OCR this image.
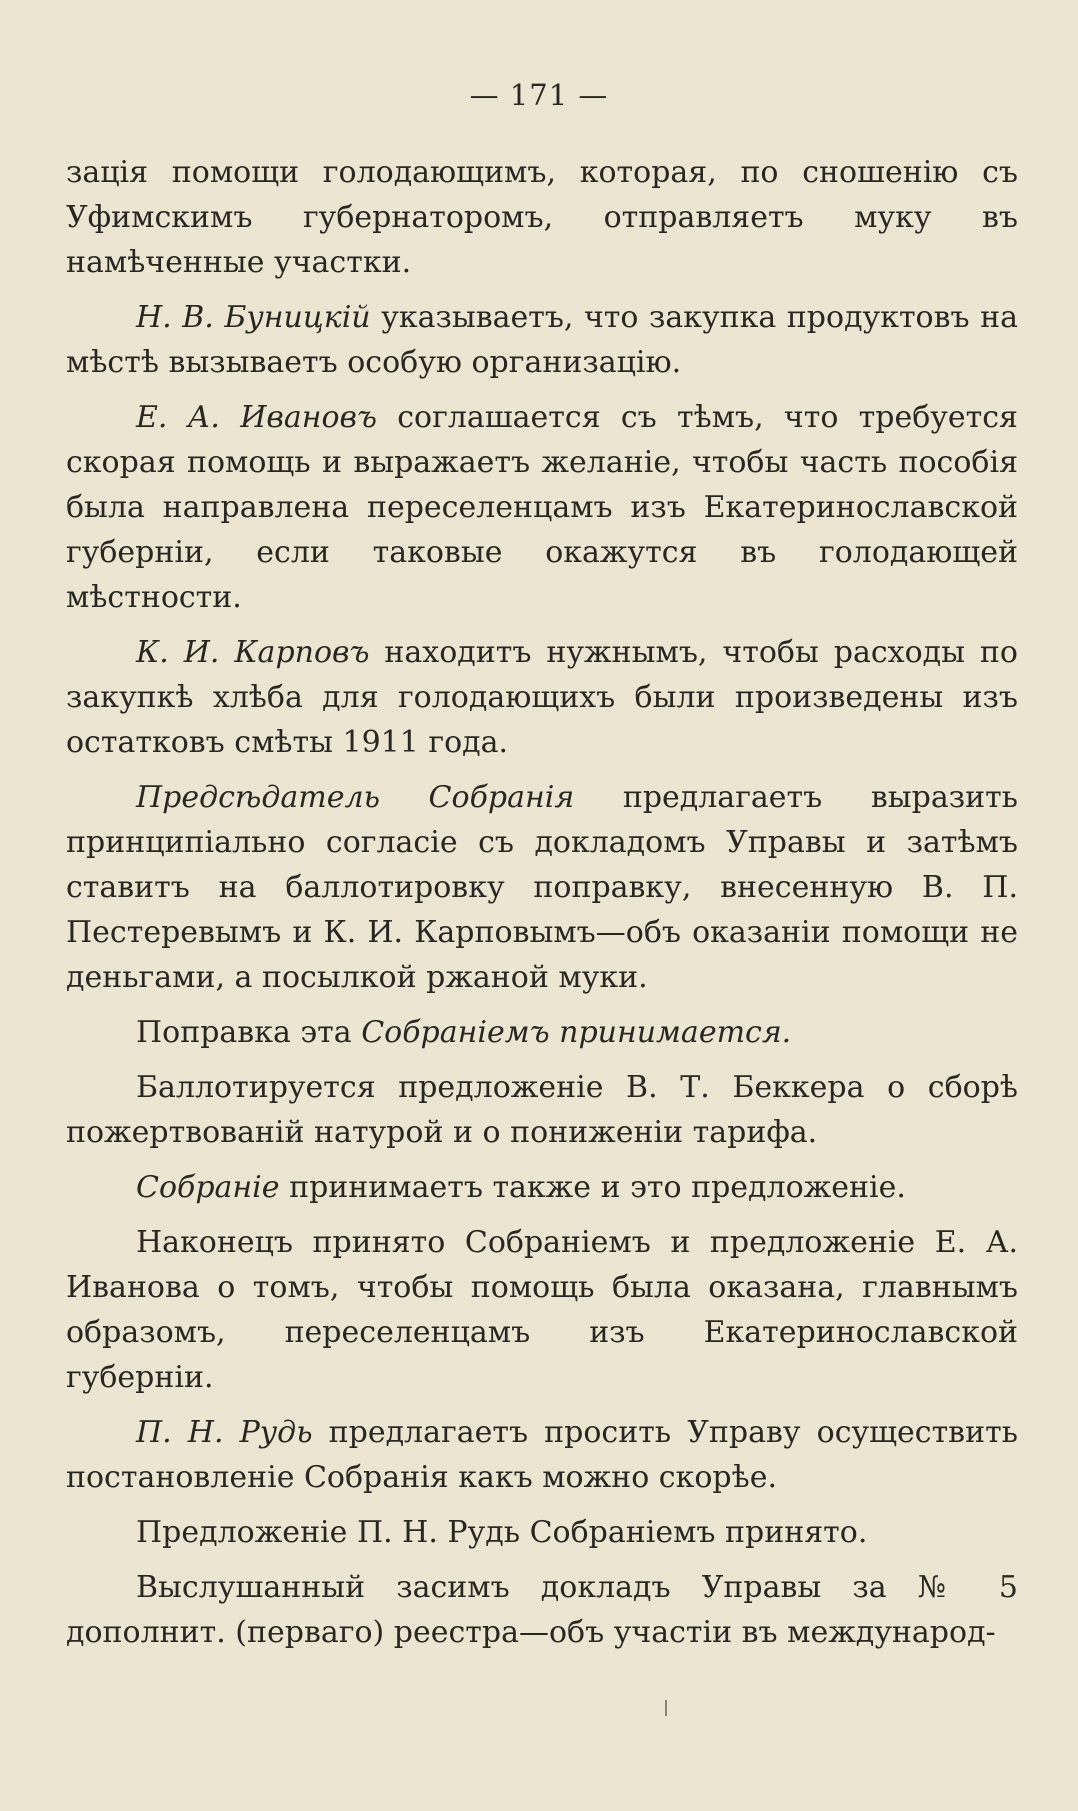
— 171 —

зація помощи голодающимъ, которая, по сношенію съ Уфимскимъ губернаторомъ, отправляетъ муку въ намѣченные участки.

Н. В. Буницкій указываетъ, что закупка продуктовъ на мѣстѣ вызываетъ особую организацію.

Е. А. Ивановъ соглашается съ тѣмъ, что требуется скорая помощь и выражаетъ желаніе, чтобы часть пособія была направлена переселенцамъ изъ Екатеринославской губерніи, если таковые окажутся въ голодающей мѣстности.

К. И. Карповъ находитъ нужнымъ, чтобы расходы по закупкѣ хлѣба для голодающихъ были произведены изъ остатковъ смѣты 1911 года.

Предсѣдатель Собранія предлагаетъ выразить принципіально согласіе съ докладомъ Управы и затѣмъ ставитъ на баллотировку поправку, внесенную В. П. Пестеревымъ и К. И. Карповымъ—объ оказаніи помощи не деньгами, а посылкой ржаной муки.

Поправка эта Собраніемъ принимается.

Баллотируется предложеніе В. Т. Беккера о сборѣ пожертвованій натурой и о пониженіи тарифа.

Собраніе принимаетъ также и это предложеніе.

Наконецъ принято Собраніемъ и предложеніе Е. А. Иванова о томъ, чтобы помощь была оказана, главнымъ образомъ, переселенцамъ изъ Екатеринославской губерніи.

П. Н. Рудь предлагаетъ просить Управу осуществить постановленіе Собранія какъ можно скорѣе.

Предложеніе П. Н. Рудь Собраніемъ принято.

Выслушанный засимъ докладъ Управы за № 5 дополнит. (перваго) реестра—объ участіи въ международ-
